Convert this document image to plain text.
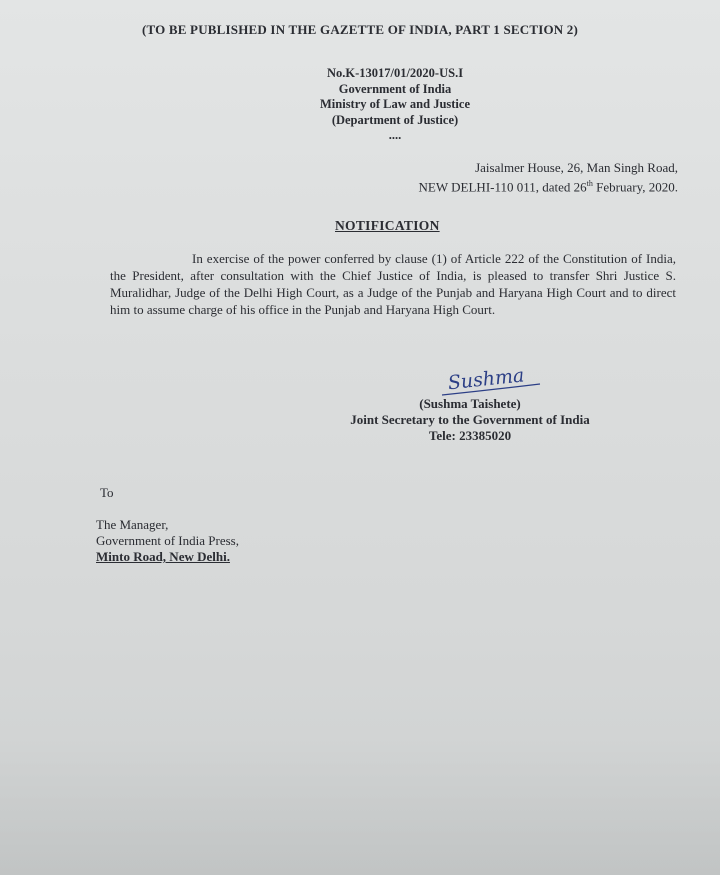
(TO BE PUBLISHED IN THE GAZETTE OF INDIA, PART 1 SECTION 2)

No.K-13017/01/2020-US.I
Government of India
Ministry of Law and Justice
(Department of Justice)
....
Jaisalmer House, 26, Man Singh Road,
NEW DELHI-110 011, dated 26th February, 2020.

NOTIFICATION

In exercise of the power conferred by clause (1) of Article 222 of the Constitution of India, the President, after consultation with the Chief Justice of India, is pleased to transfer Shri Justice S. Muralidhar, Judge of the Delhi High Court, as a Judge of the Punjab and Haryana High Court and to direct him to assume charge of his office in the Punjab and Haryana High Court.

Sushma
(Sushma Taishete)
Joint Secretary to the Government of India
Tele: 23385020

To

The Manager,
Government of India Press,
Minto Road, New Delhi.
